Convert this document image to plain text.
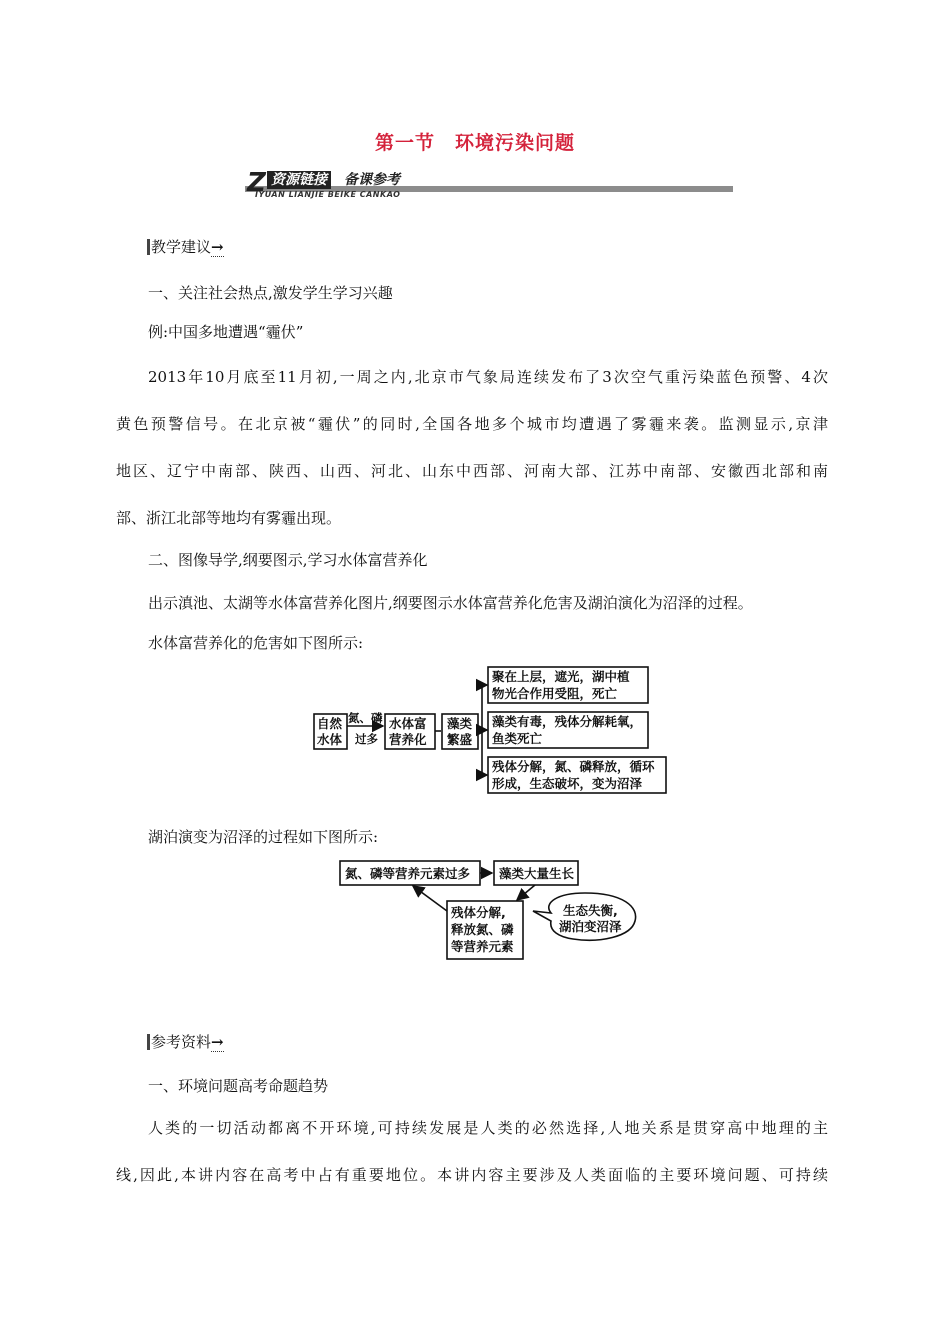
第一节　环境污染问题
Z 资源链接 备课参考
IYUAN LIANJIE BEIKE CANKAO
教学建议→
一、关注社会热点,激发学生学习兴趣
例:中国多地遭遇“霾伏”
2013年10月底至11月初,一周之内,北京市气象局连续发布了3次空气重污染蓝色预警、4次
黄色预警信号。在北京被“霾伏”的同时,全国各地多个城市均遭遇了雾霾来袭。监测显示,京津
地区、辽宁中南部、陕西、山西、河北、山东中西部、河南大部、江苏中南部、安徽西北部和南
部、浙江北部等地均有雾霾出现。
二、图像导学,纲要图示,学习水体富营养化
出示滇池、太湖等水体富营养化图片,纲要图示水体富营养化危害及湖泊演化为沼泽的过程。
水体富营养化的危害如下图所示:
自然
水体
氮、磷
过多
水体富
营养化
藻类
繁盛
聚在上层，遮光，湖中植
物光合作用受阻，死亡
藻类有毒，残体分解耗氧，
鱼类死亡
残体分解，氮、磷释放，循环
形成，生态破坏，变为沼泽
湖泊演变为沼泽的过程如下图所示:
氮、磷等营养元素过多 藻类大量生长
残体分解,
释放氮、磷
等营养元素
生态失衡,
湖泊变沼泽
参考资料→
一、环境问题高考命题趋势
人类的一切活动都离不开环境,可持续发展是人类的必然选择,人地关系是贯穿高中地理的主
线,因此,本讲内容在高考中占有重要地位。本讲内容主要涉及人类面临的主要环境问题、可持续
